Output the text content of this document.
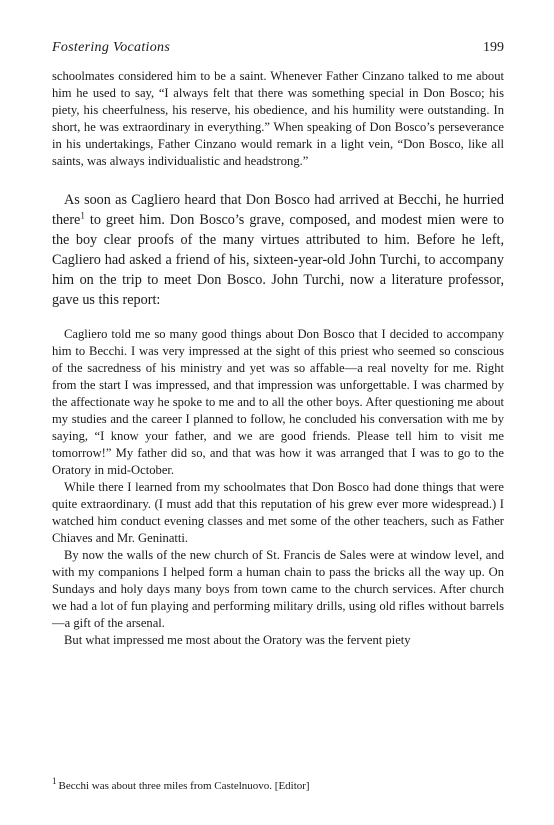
Fostering Vocations	199

schoolmates considered him to be a saint. Whenever Father Cinzano talked to me about him he used to say, “I always felt that there was something special in Don Bosco; his piety, his cheerfulness, his reserve, his obedience, and his humility were outstanding. In short, he was extraordinary in everything.” When speaking of Don Bosco’s perseverance in his undertakings, Father Cinzano would remark in a light vein, “Don Bosco, like all saints, was always individualistic and headstrong.”

As soon as Cagliero heard that Don Bosco had arrived at Becchi, he hurried there$^1$ to greet him. Don Bosco’s grave, composed, and modest mien were to the boy clear proofs of the many virtues attributed to him. Before he left, Cagliero had asked a friend of his, sixteen-year-old John Turchi, to accompany him on the trip to meet Don Bosco. John Turchi, now a literature professor, gave us this report:

Cagliero told me so many good things about Don Bosco that I decided to accompany him to Becchi. I was very impressed at the sight of this priest who seemed so conscious of the sacredness of his ministry and yet was so affable—a real novelty for me. Right from the start I was impressed, and that impression was unforgettable. I was charmed by the affectionate way he spoke to me and to all the other boys. After questioning me about my studies and the career I planned to follow, he concluded his conversation with me by saying, “I know your father, and we are good friends. Please tell him to visit me tomorrow!” My father did so, and that was how it was arranged that I was to go to the Oratory in mid-October.

While there I learned from my schoolmates that Don Bosco had done things that were quite extraordinary. (I must add that this reputation of his grew ever more widespread.) I watched him conduct evening classes and met some of the other teachers, such as Father Chiaves and Mr. Geninatti.

By now the walls of the new church of St. Francis de Sales were at window level, and with my companions I helped form a human chain to pass the bricks all the way up. On Sundays and holy days many boys from town came to the church services. After church we had a lot of fun playing and performing military drills, using old rifles without barrels—a gift of the arsenal.

But what impressed me most about the Oratory was the fervent piety

$^1$ Becchi was about three miles from Castelnuovo. [Editor]
